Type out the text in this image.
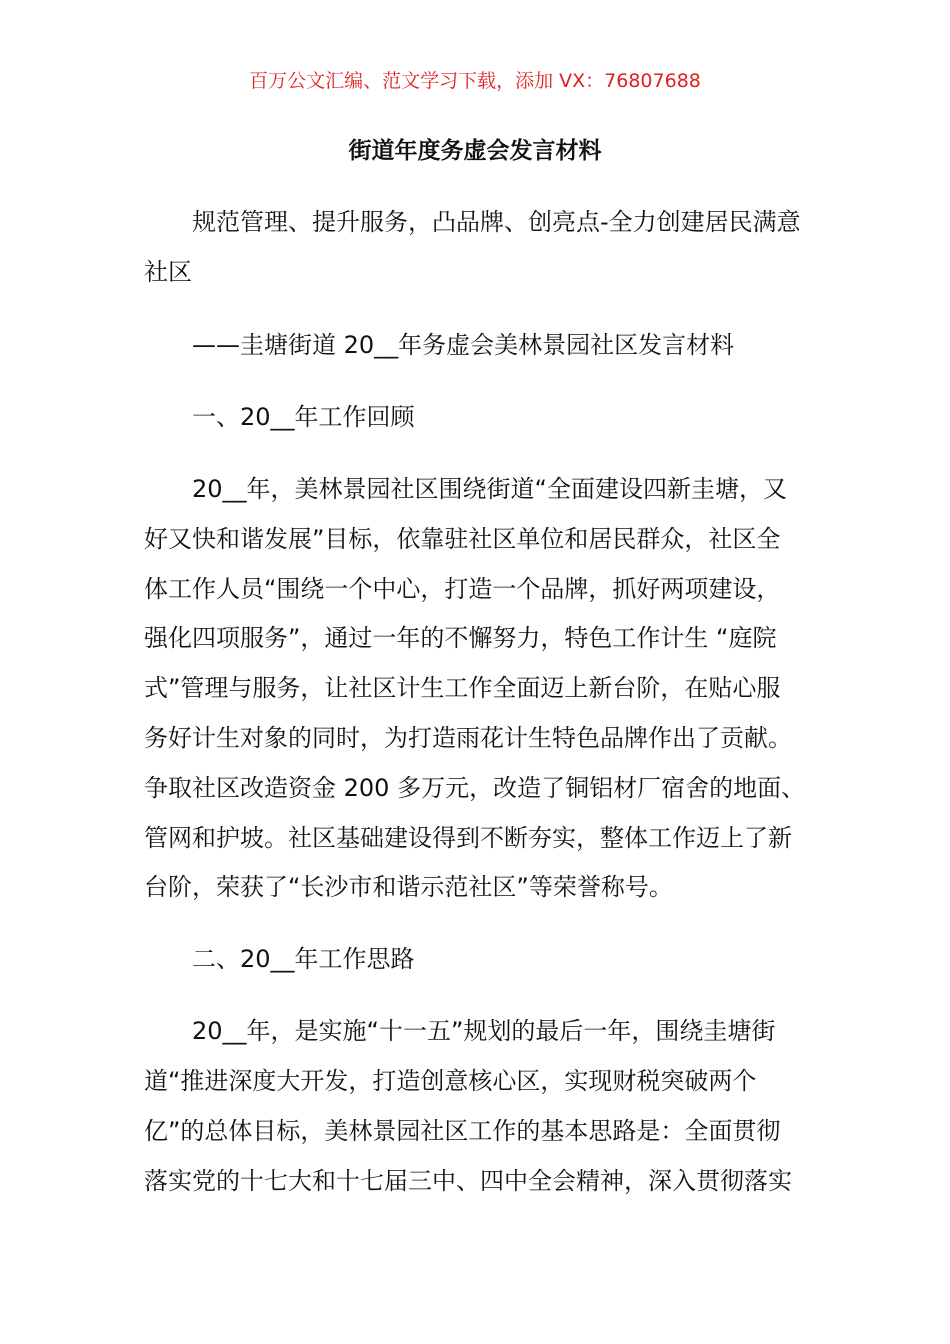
百万公文汇编、范文学习下载，添加 VX：76807688
街道年度务虚会发言材料
规范管理、提升服务，凸品牌、创亮点-全力创建居民满意
社区
——圭塘街道 20__年务虚会美林景园社区发言材料
一、20__年工作回顾
20__年，美林景园社区围绕街道“全面建设四新圭塘，又
好又快和谐发展”目标，依靠驻社区单位和居民群众，社区全
体工作人员“围绕一个中心，打造一个品牌，抓好两项建设，
强化四项服务”，通过一年的不懈努力，特色工作计生 “庭院
式”管理与服务，让社区计生工作全面迈上新台阶，在贴心服
务好计生对象的同时，为打造雨花计生特色品牌作出了贡献。
争取社区改造资金 200 多万元，改造了铜铝材厂宿舍的地面、
管网和护坡。社区基础建设得到不断夯实，整体工作迈上了新
台阶，荣获了“长沙市和谐示范社区”等荣誉称号。
二、20__年工作思路
20__年，是实施“十一五”规划的最后一年，围绕圭塘街
道“推进深度大开发，打造创意核心区，实现财税突破两个
亿”的总体目标，美林景园社区工作的基本思路是：全面贯彻
落实党的十七大和十七届三中、四中全会精神，深入贯彻落实
